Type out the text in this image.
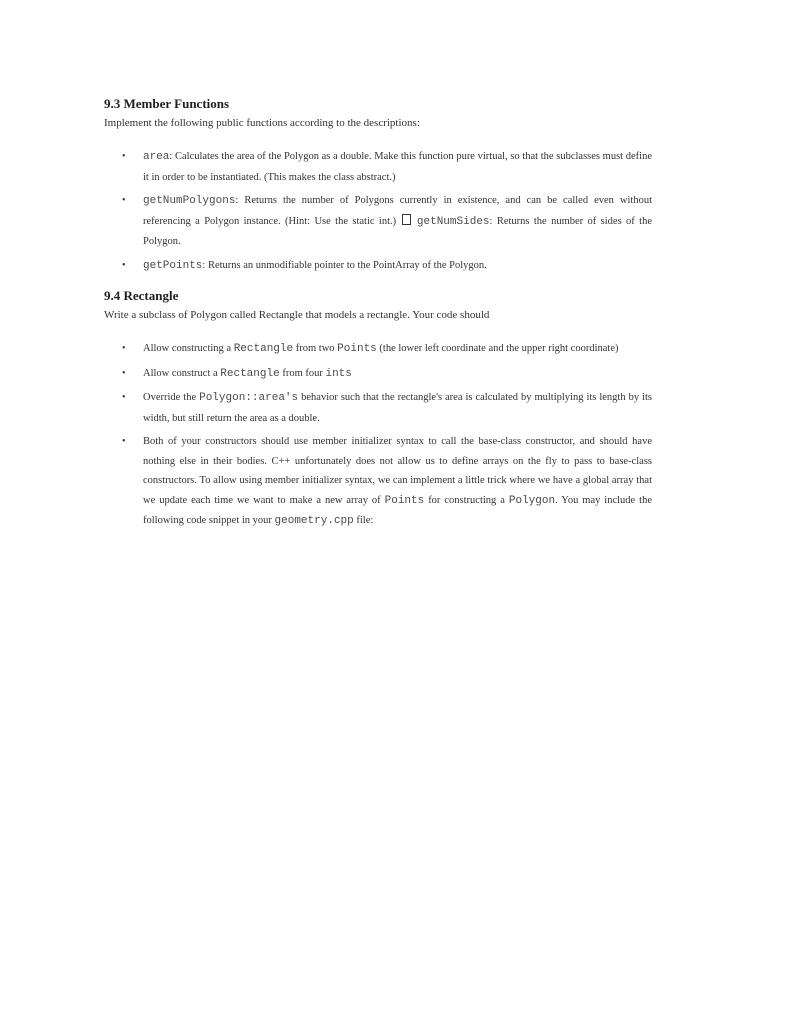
9.3 Member Functions

Implement the following public functions according to the descriptions:

• area: Calculates the area of the Polygon as a double. Make this function pure virtual, so that the subclasses must define it in order to be instantiated. (This makes the class abstract.)
• getNumPolygons: Returns the number of Polygons currently in existence, and can be called even without referencing a Polygon instance. (Hint: Use the static int.)  getNumSides: Returns the number of sides of the Polygon.
• getPoints: Returns an unmodifiable pointer to the PointArray of the Polygon.
9.4 Rectangle

Write a subclass of Polygon called Rectangle that models a rectangle. Your code should

• Allow constructing a Rectangle from two Points (the lower left coordinate and the upper right coordinate)
• Allow construct a Rectangle from four ints
• Override the Polygon::area's behavior such that the rectangle's area is calculated by multiplying its length by its width, but still return the area as a double.
• Both of your constructors should use member initializer syntax to call the base-class constructor, and should have nothing else in their bodies. C++ unfortunately does not allow us to define arrays on the fly to pass to base-class constructors. To allow using member initializer syntax, we can implement a little trick where we have a global array that we update each time we want to make a new array of Points for constructing a Polygon. You may include the following code snippet in your geometry.cpp file:
